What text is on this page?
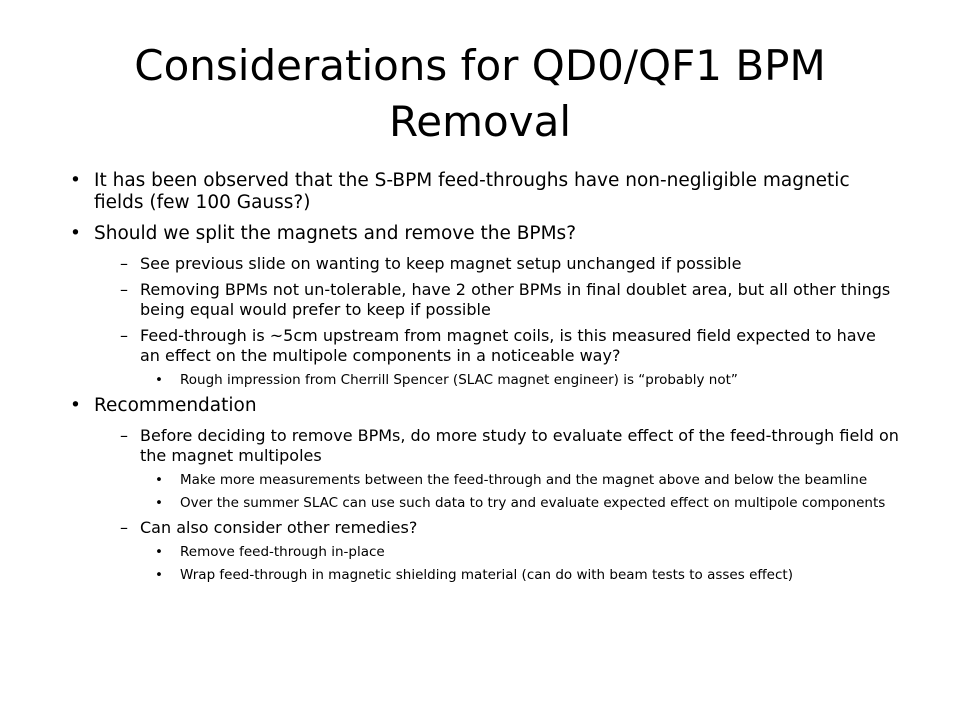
Considerations for QD0/QF1 BPM
Removal
• It has been observed that the S-BPM feed-throughs have non-negligible magnetic fields (few 100 Gauss?)
• Should we split the magnets and remove the BPMs?
– See previous slide on wanting to keep magnet setup unchanged if possible
– Removing BPMs not un-tolerable, have 2 other BPMs in final doublet area, but all other things being equal would prefer to keep if possible
– Feed-through is ~5cm upstream from magnet coils, is this measured field expected to have an effect on the multipole components in a noticeable way?
• Rough impression from Cherrill Spencer (SLAC magnet engineer) is “probably not”
• Recommendation
– Before deciding to remove BPMs, do more study to evaluate effect of the feed-through field on the magnet multipoles
• Make more measurements between the feed-through and the magnet above and below the beamline
• Over the summer SLAC can use such data to try and evaluate expected effect on multipole components
– Can also consider other remedies?
• Remove feed-through in-place
• Wrap feed-through in magnetic shielding material (can do with beam tests to asses effect)
